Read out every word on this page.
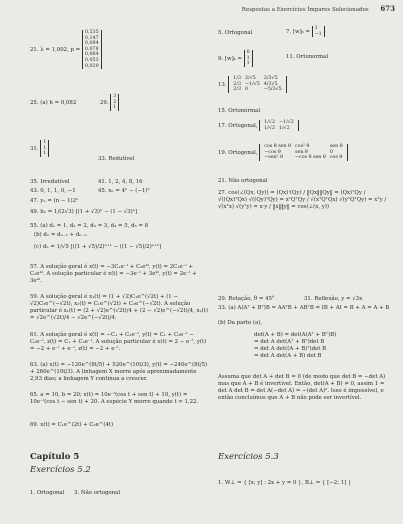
Respostas a Exercícios Ímpares Selecionados 673
21. λ = 1,002, p =
0,535
0,147
0,094
0,078
0,064
0,053
0,029
25. (a) h = 0,082	29.
3
2
1
31.
1
1
1
33. Redutível
35. Irredutível	41. 1, 2, 4, 8, 16
43. 0, 1, 1, 0, −1	45. xₙ = 4ⁿ − (−1)ⁿ
47. yₙ = (n − 1)2ⁿ
49. bₙ = 1/(2√3) [(1 + √3)ⁿ − (1 − √3)ⁿ]
55. (a) d₁ = 1, d₂ = 2, d₃ = 3, d₄ = 5, d₅ = 8
(b) dₙ = dₙ₋₁ + dₙ₋₂
(c) dₙ = 1/√5 [((1 + √5)/2)ⁿ⁺¹ − ((1 − √5)/2)ⁿ⁺¹]
57. A solução geral é x(t) = −3C₁e⁻ᵗ + C₂e⁴ᵗ, y(t) = 2C₁e⁻ᵗ + C₂e⁴ᵗ. A solução particular é x(t) = −3e⁻ᵗ + 3e⁴ᵗ, y(t) = 2e⁻ᵗ + 3e⁴ᵗ.
59. A solução geral é x₁(t) = (1 + √2)C₁e^(√2t) + (1 − √2)C₂e^(−√2t), x₂(t) = C₁e^(√2t) + C₂e^(−√2t). A solução particular é x₁(t) = (2 + √2)e^(√2t)/4 + (2 − √2)e^(−√2t)/4, x₂(t) = √2e^(√2t)/4 − √2e^(−√2t)/4.
61. A solução geral é x(t) = −C₁ + C₂e⁻ᵗ, y(t) = C₁ + C₃e⁻ᵗ − C₂e⁻ᵗ, z(t) = C₁ + C₃e⁻ᵗ. A solução particular é x(t) = 2 − e⁻ᵗ, y(t) = −2 + e⁻ᵗ + e⁻ᵗ, z(t) = −2 + e⁻ᵗ.
63. (a) x(t) = −120e^(8t/5) + 520e^(10t/3), y(t) = −240e^(8t/5) + 260e^(10t/3). A linhagem X morre após aproximadamente 2,93 dias; a linhagem Y continua a crescer.
65. a = 10, b = 20; x(t) = 10e⁻ᵗ(cos t + sen t) + 10, y(t) = 10e⁻ᵗ(cos t − sen t) + 20. A espécie Y morre quando t ≈ 1,22.
69. x(t) = C₁e^(2t) + C₂e^(4t)
Capítulo 5
Exercícios 5.2
1. Ortogonal 3. Não ortogonal
5. Ortogonal	7. [w]ᵦ =
1
−1
9. [w]ᵦ =
0
1
1
11. Ortonormal
13.
1/3	2/√5	2/3√5
2/3	−1/√5	4/3√5
2/3	0	−5/3√5
15. Ortonormal
17. Ortogonal,
1/√2	−1/√2
1/√2	1/√2
19. Ortogonal,
cos θ sen θ	cos² θ	sen θ
−cos θ	sen θ	0
−sen² θ	−cos θ sen θ	cos θ
21. Não ortogonal
27. cos(∠(Qx, Qy)) = (Qx)·(Qy) / ‖Qx‖‖Qy‖ = (Qx)ᵀQy / √((Qx)ᵀQx) √((Qy)ᵀQy) = xᵀQᵀQy / √(xᵀQᵀQx) √(yᵀQᵀQy) = xᵀy / √(xᵀx) √(yᵀy) = x·y / ‖x‖‖y‖ = cos(∠(x, y))
29. Rotação, θ = 45°	31. Reflexão, y = √3x
33. (a) A(Aᵀ + Bᵀ)B = AAᵀB + ABᵀB = IB + AI = B + A = A + B
(b) Da parte (a),
det(A + B) = det(A(Aᵀ + Bᵀ)B)
= det A det(Aᵀ + Bᵀ)det B
= det A det((A + B)ᵀ)det B
= det A det(A + B) det B
Assuma que det A + det B = 0 (de modo que det B = −det A) mas que A + B é invertível. Então, det(A + B) ≠ 0, assim 1 = det A det B = det A(−det A) = −(det A)². Isso é impossível, e então concluímos que A + B não pode ser invertível.
Exercícios 5.3
1. W⊥ = { [x; y] : 2x + y = 0 }, B⊥ = { [−2; 1] }
